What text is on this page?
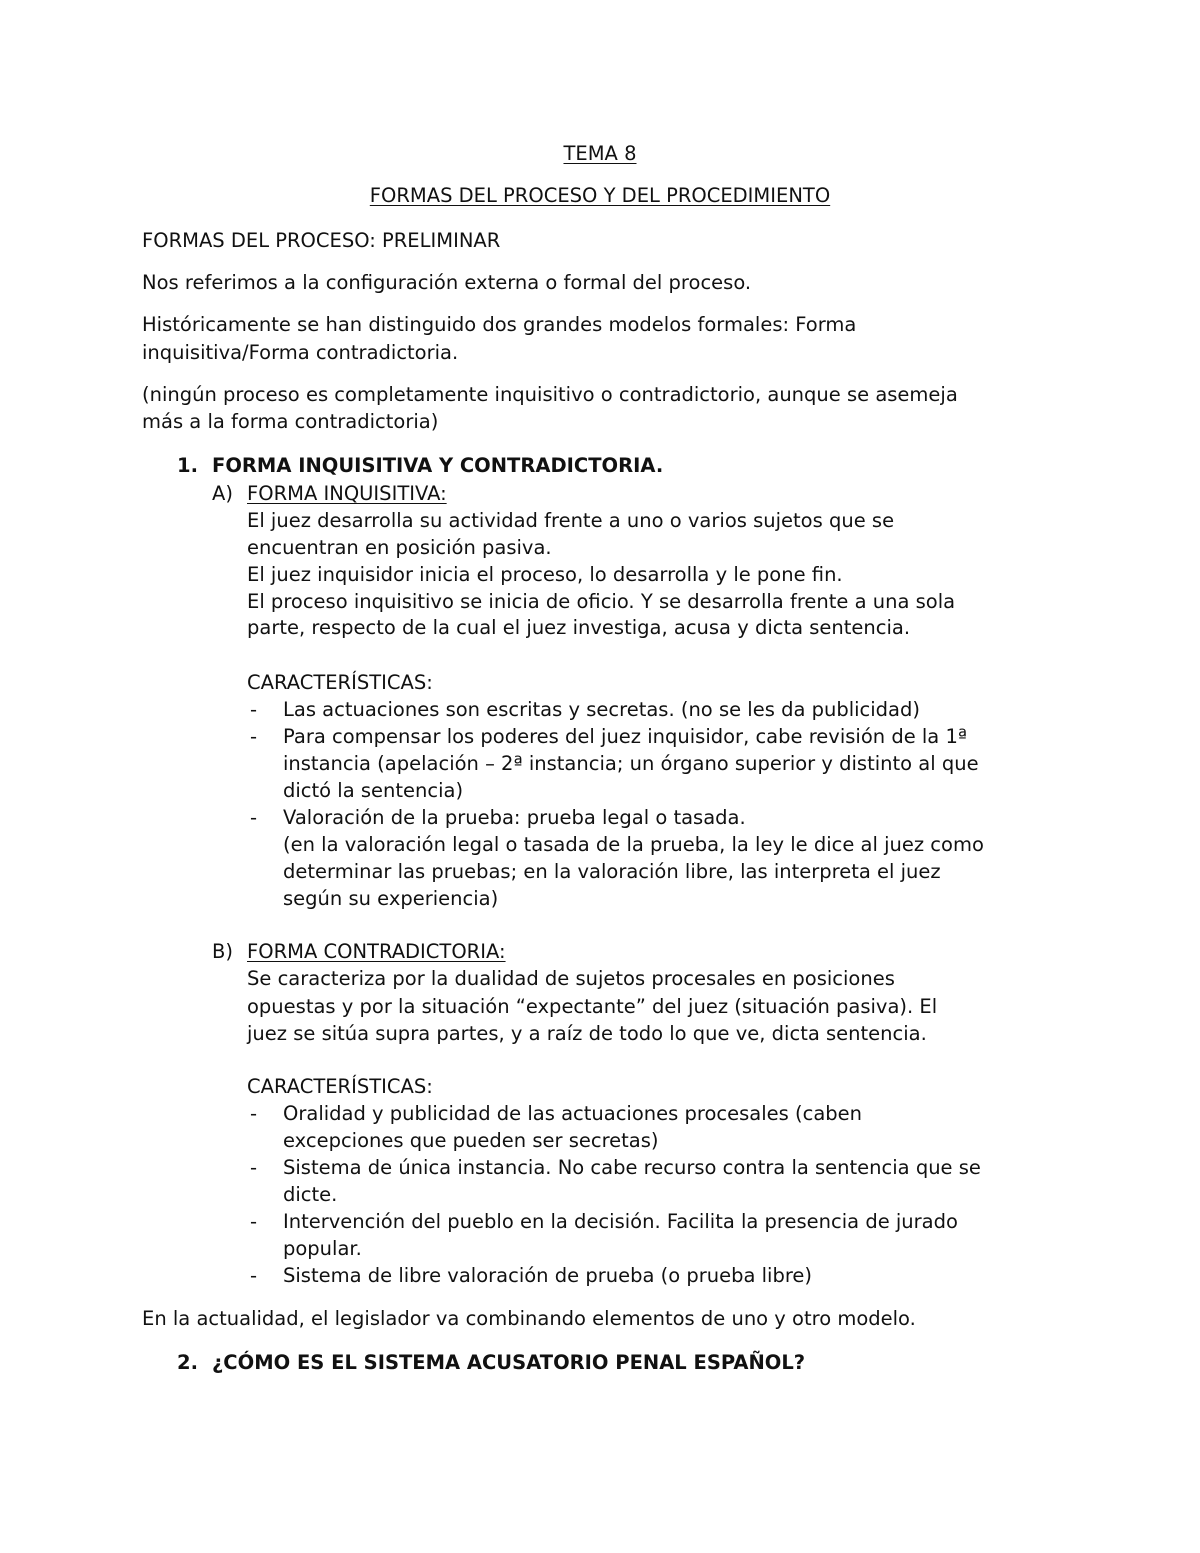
TEMA 8
FORMAS DEL PROCESO Y DEL PROCEDIMIENTO
FORMAS DEL PROCESO: PRELIMINAR
Nos referimos a la configuración externa o formal del proceso.
Históricamente se han distinguido dos grandes modelos formales: Forma
inquisitiva/Forma contradictoria.
(ningún proceso es completamente inquisitivo o contradictorio, aunque se asemeja
más a la forma contradictoria)
1. FORMA INQUISITIVA Y CONTRADICTORIA.
A) FORMA INQUISITIVA:
El juez desarrolla su actividad frente a uno o varios sujetos que se
encuentran en posición pasiva.
El juez inquisidor inicia el proceso, lo desarrolla y le pone fin.
El proceso inquisitivo se inicia de oficio. Y se desarrolla frente a una sola
parte, respecto de la cual el juez investiga, acusa y dicta sentencia.
CARACTERÍSTICAS:
- Las actuaciones son escritas y secretas. (no se les da publicidad)
- Para compensar los poderes del juez inquisidor, cabe revisión de la 1ª
instancia (apelación – 2ª instancia; un órgano superior y distinto al que
dictó la sentencia)
- Valoración de la prueba: prueba legal o tasada.
(en la valoración legal o tasada de la prueba, la ley le dice al juez como
determinar las pruebas; en la valoración libre, las interpreta el juez
según su experiencia)
B) FORMA CONTRADICTORIA:
Se caracteriza por la dualidad de sujetos procesales en posiciones
opuestas y por la situación “expectante” del juez (situación pasiva). El
juez se sitúa supra partes, y a raíz de todo lo que ve, dicta sentencia.
CARACTERÍSTICAS:
- Oralidad y publicidad de las actuaciones procesales (caben
excepciones que pueden ser secretas)
- Sistema de única instancia. No cabe recurso contra la sentencia que se
dicte.
- Intervención del pueblo en la decisión. Facilita la presencia de jurado
popular.
- Sistema de libre valoración de prueba (o prueba libre)
En la actualidad, el legislador va combinando elementos de uno y otro modelo.
2. ¿CÓMO ES EL SISTEMA ACUSATORIO PENAL ESPAÑOL?
